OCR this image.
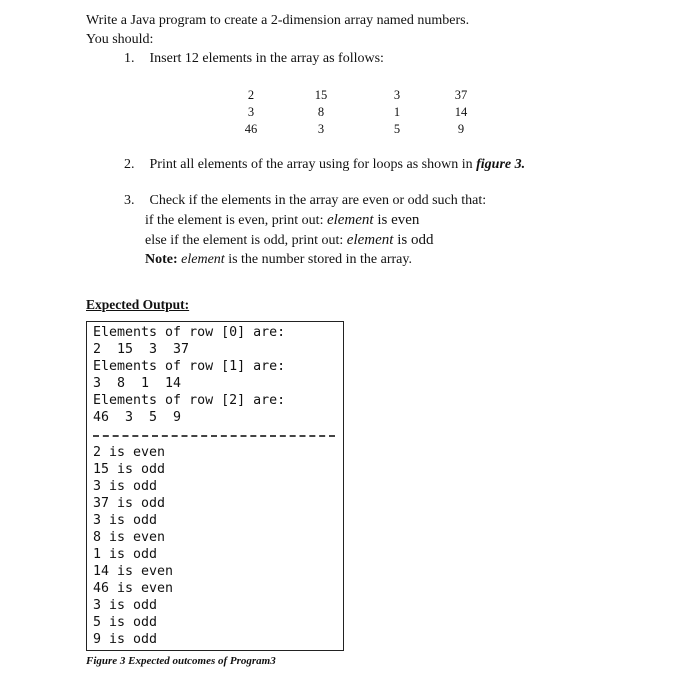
Write a Java program to create a 2-dimension array named numbers.
You should:
1. Insert 12 elements in the array as follows:
2
3
46
15
8
3
3
1
5
37
14
9
2. Print all elements of the array using for loops as shown in figure 3.
3. Check if the elements in the array are even or odd such that:
if the element is even, print out: element is even
else if the element is odd, print out: element is odd
Note: element is the number stored in the array.
Expected Output:
Elements of row [0] are:
2  15  3  37
Elements of row [1] are:
3  8  1  14
Elements of row [2] are:
46  3  5  9
2 is even
15 is odd
3 is odd
37 is odd
3 is odd
8 is even
1 is odd
14 is even
46 is even
3 is odd
5 is odd
9 is odd
Figure 3 Expected outcomes of Program3
